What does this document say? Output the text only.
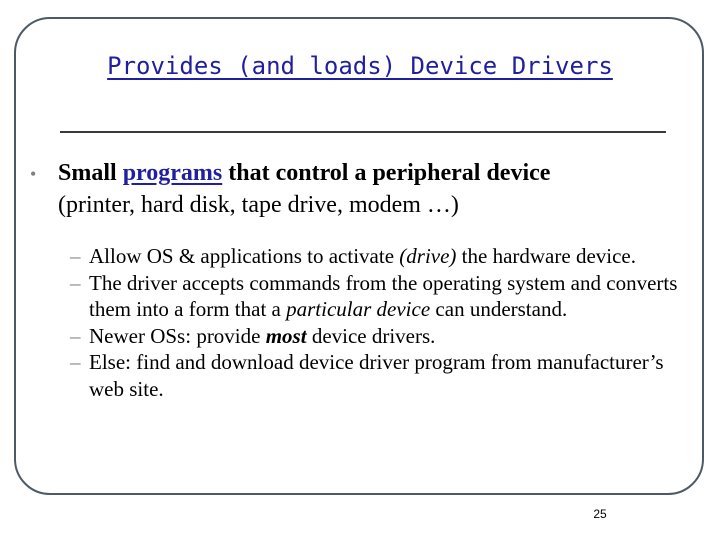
Provides (and loads) Device Drivers
• Small programs that control a peripheral device
(printer, hard disk, tape drive, modem …)
– Allow OS & applications to activate (drive) the hardware device.
– The driver accepts commands from the operating system and converts them into a form that a particular device can understand.
– Newer OSs: provide most device drivers.
– Else: find and download device driver program from manufacturer’s web site.
25
